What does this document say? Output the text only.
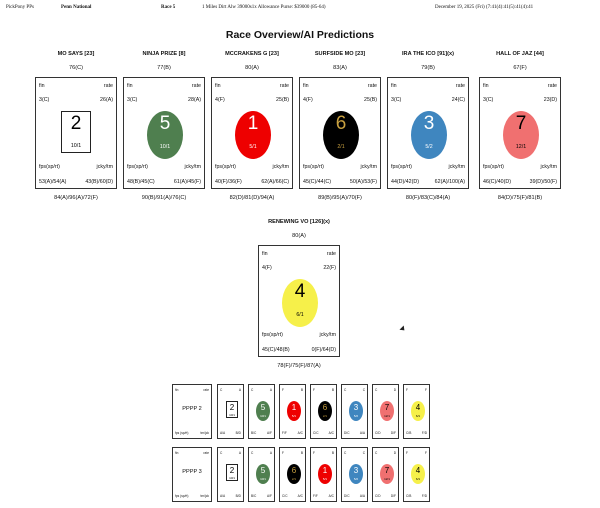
PickPony PPs	Penn National	Race 5	1 Miles Dirt Alw 39000s1x Allowance Purse: $39000 (85-64)	December 19, 2025 (Fri) (7:41(4):41(5):41(4):41
Race Overview/AI Predictions
MO SAYS [23]
76(C)
fin	rate
3(C)	26(A)
fps(sp/rt)	jcky/tm
53(A)/54(A)	43(B)/60(D)
2
10/1
84(A)/96(A)/72(F)
NINJA PRIZE [8]
77(B)
fin	rate
3(C)	28(A)
fps(sp/rt)	jcky/tm
48(B)/45(C)	61(A)/45(F)
5
10/1
90(B)/91(A)/76(C)
MCCRAKENS G [23]
80(A)
fin	rate
4(F)	25(B)
fps(sp/rt)	jcky/tm
40(F)/36(F)	62(A)/66(C)
1
5/1
82(D)/81(D)/94(A)
SURFSIDE MO [23]
83(A)
fin	rate
4(F)	25(B)
fps(sp/rt)	jcky/tm
45(C)/44(C)	50(A)/53(F)
6
2/1
89(B)/95(A)/70(F)
IRA THE ICO [91](x)
79(B)
fin	rate
3(C)	24(C)
fps(sp/rt)	jcky/tm
44(D)/42(D)	62(A)/100(A)
3
5/2
80(F)/83(C)/84(A)
HALL OF JAZ [44]
67(F)
fin	rate
3(C)	23(D)
fps(sp/rt)	jcky/tm
46(C)/40(D)	39(D)/50(F)
7
12/1
84(D)/75(F)/81(B)
RENEWING VO [126](x)
80(A)
fin	rate
4(F)	22(F)
fps(sp/rt)	jcky/tm
45(C)/48(B)	0(F)/64(D)
4
6/1
78(F)/75(F)/87(A)
fin	rate
fps (sp/rt)	trn/jck
PPPP 2
C	A
A/A	B/D
2
10/1
C	A
B/C	A/F
5
10/1
F	B
F/F	A/C
1
5/1
F	B
C/C	A/C
6
2/1
C	C
D/C	A/A
3
5/2
C	D
C/D	D/F
7
12/1
F	F
C/B	F/D
4
6/1
fin	rate
fps (sp/rt)	trn/jck
PPPP 3
C	A
A/A	B/D
2
10/1
C	A
B/C	A/F
5
10/1
F	B
C/C	A/C
6
2/1
F	B
F/F	A/C
1
5/1
C	C
D/C	A/A
3
5/2
C	D
C/D	D/F
7
12/1
F	F
C/B	F/D
4
6/1
